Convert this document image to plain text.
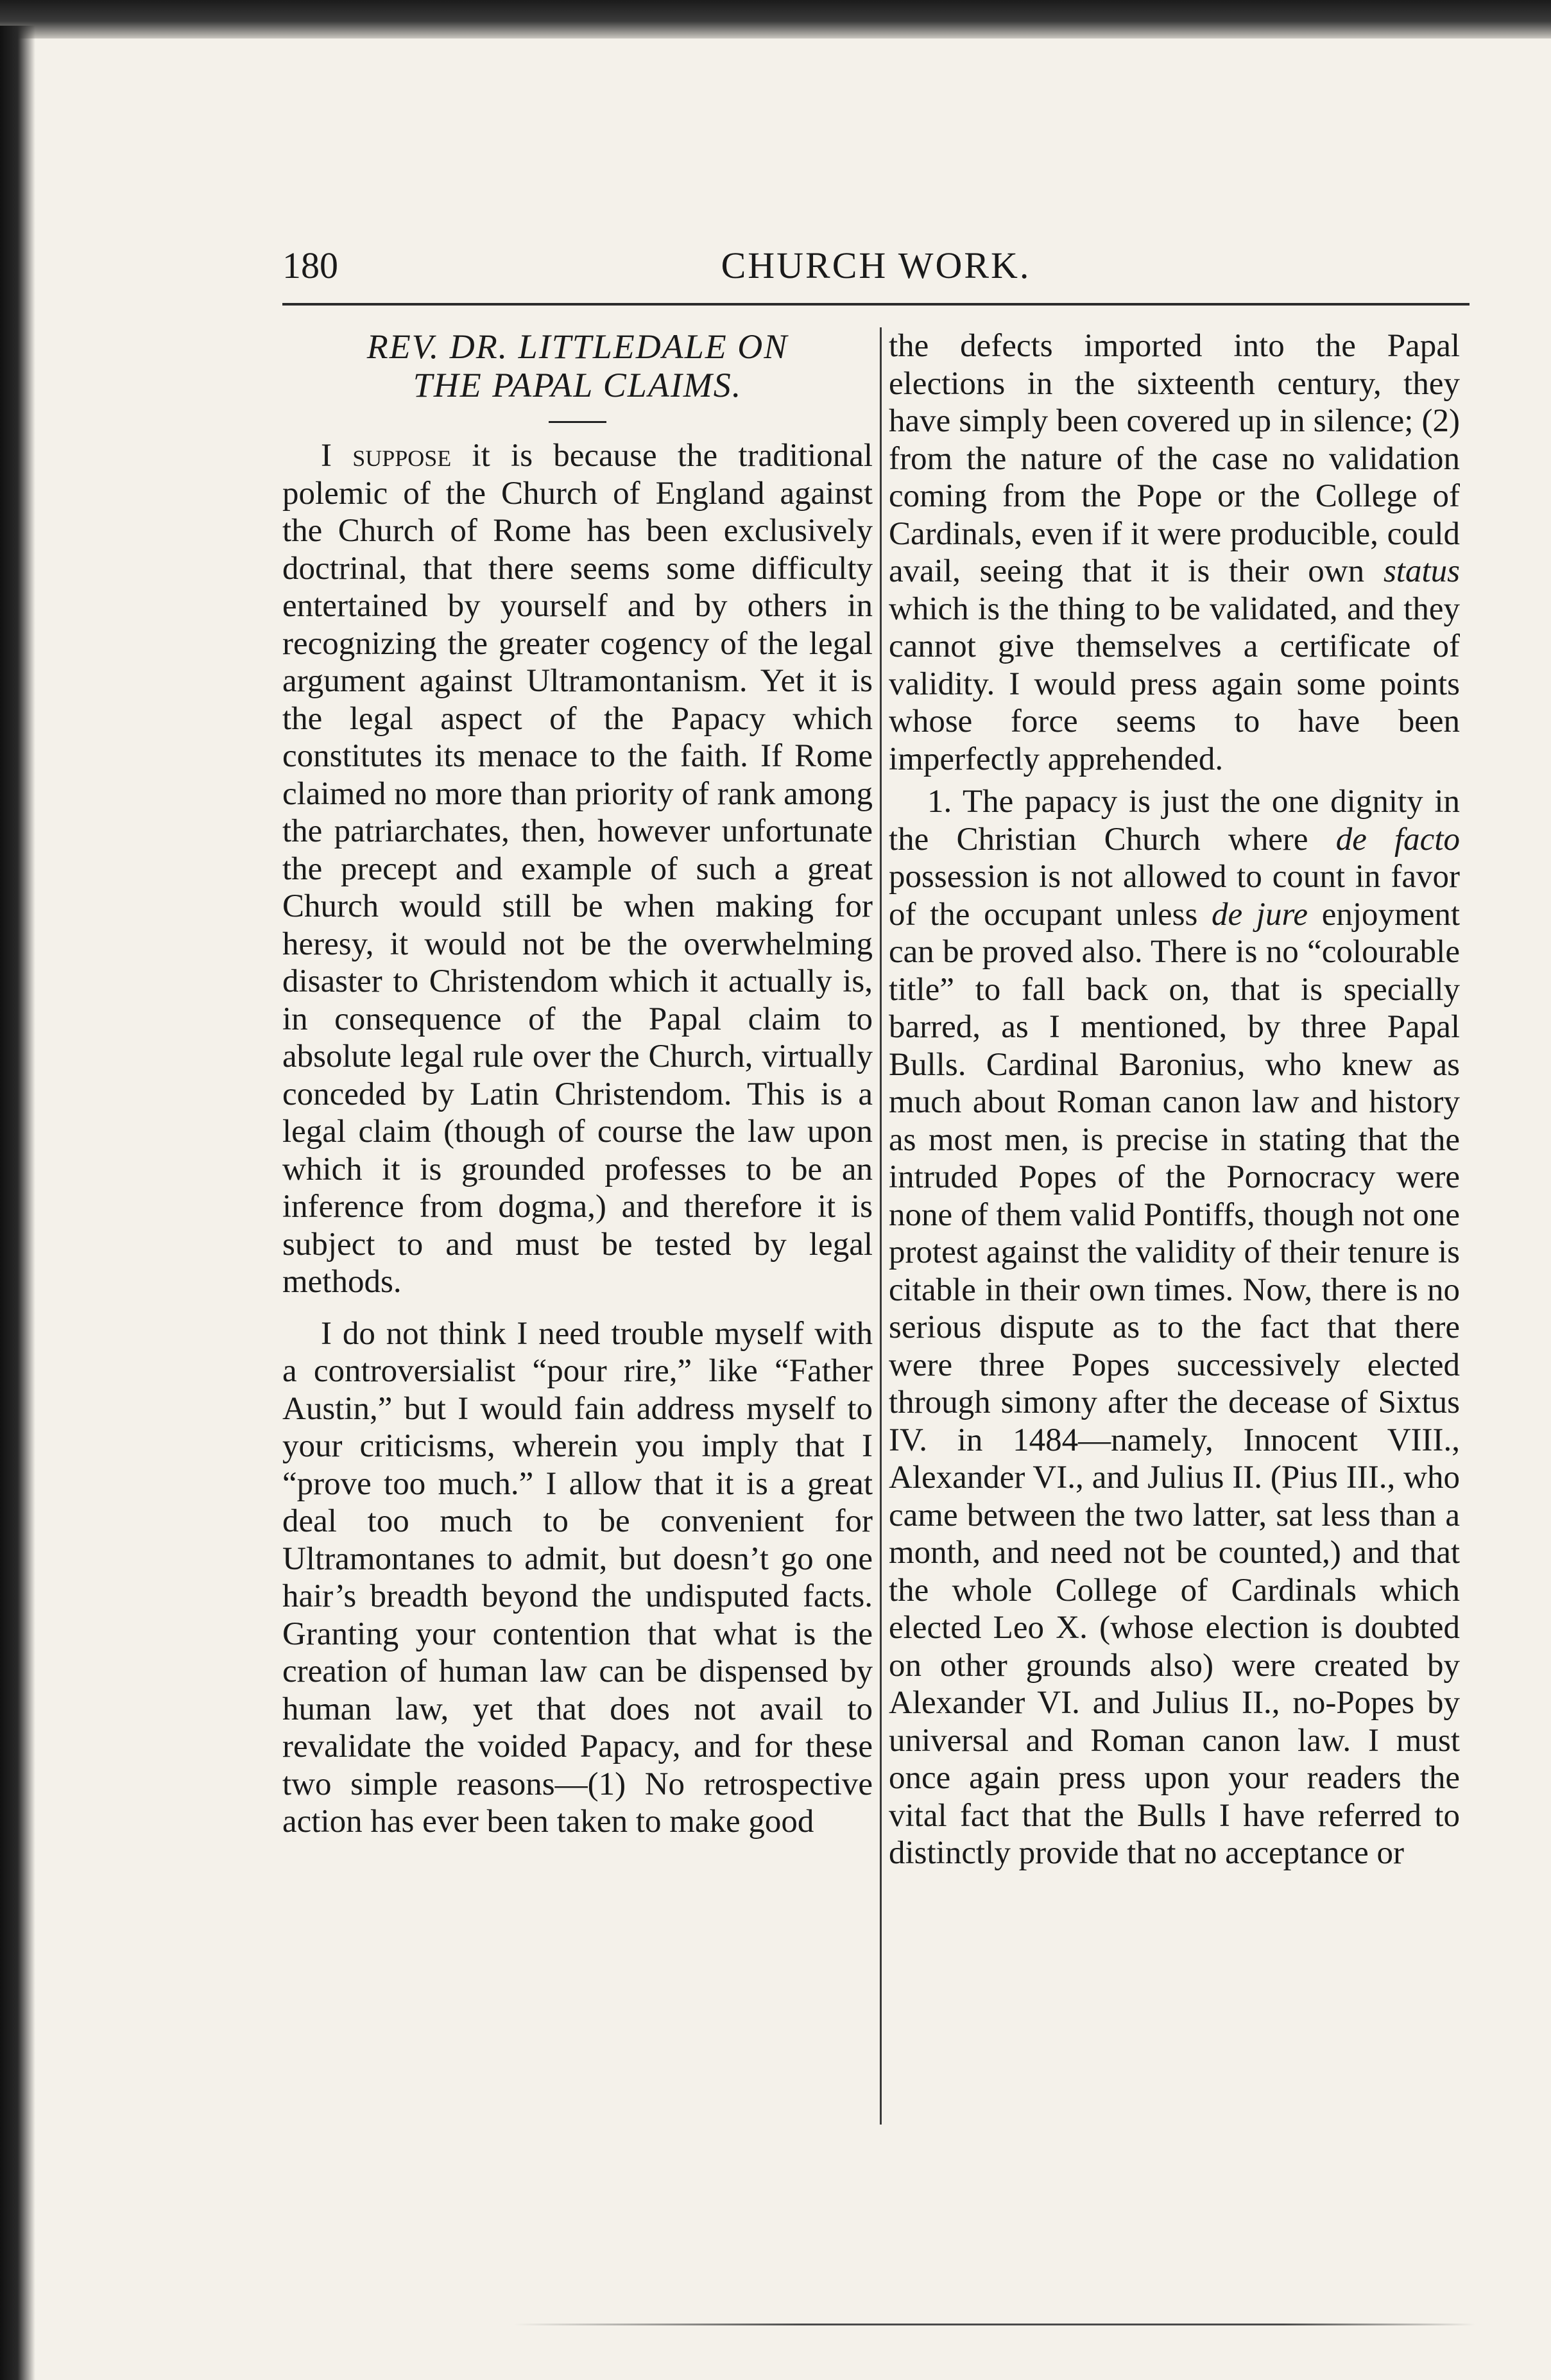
180	CHURCH WORK.
REV. DR. LITTLEDALE ON
THE PAPAL CLAIMS.

I suppose it is because the traditional polemic of the Church of England against the Church of Rome has been exclusively doctrinal, that there seems some difficulty entertained by yourself and by others in recognizing the greater cogency of the legal argument against Ultramontanism. Yet it is the legal aspect of the Papacy which constitutes its menace to the faith. If Rome claimed no more than priority of rank among the patriarchates, then, however unfortunate the precept and example of such a great Church would still be when making for heresy, it would not be the overwhelming disaster to Christendom which it actually is, in consequence of the Papal claim to absolute legal rule over the Church, virtually conceded by Latin Christendom. This is a legal claim (though of course the law upon which it is grounded professes to be an inference from dogma,) and therefore it is subject to and must be tested by legal methods.

I do not think I need trouble myself with a controversialist “pour rire,” like “Father Austin,” but I would fain address myself to your criticisms, wherein you imply that I “prove too much.” I allow that it is a great deal too much to be convenient for Ultramontanes to admit, but doesn’t go one hair’s breadth beyond the undisputed facts. Granting your contention that what is the creation of human law can be dispensed by human law, yet that does not avail to revalidate the voided Papacy, and for these two simple reasons—(1) No retrospective action has ever been taken to make good

the defects imported into the Papal elections in the sixteenth century, they have simply been covered up in silence; (2) from the nature of the case no validation coming from the Pope or the College of Cardinals, even if it were producible, could avail, seeing that it is their own status which is the thing to be validated, and they cannot give themselves a certificate of validity. I would press again some points whose force seems to have been imperfectly apprehended.

1. The papacy is just the one dignity in the Christian Church where de facto possession is not allowed to count in favor of the occupant unless de jure enjoyment can be proved also. There is no “colourable title” to fall back on, that is specially barred, as I mentioned, by three Papal Bulls. Cardinal Baronius, who knew as much about Roman canon law and history as most men, is precise in stating that the intruded Popes of the Pornocracy were none of them valid Pontiffs, though not one protest against the validity of their tenure is citable in their own times. Now, there is no serious dispute as to the fact that there were three Popes successively elected through simony after the decease of Sixtus IV. in 1484—namely, Innocent VIII., Alexander VI., and Julius II. (Pius III., who came between the two latter, sat less than a month, and need not be counted,) and that the whole College of Cardinals which elected Leo X. (whose election is doubted on other grounds also) were created by Alexander VI. and Julius II., no-Popes by universal and Roman canon law. I must once again press upon your readers the vital fact that the Bulls I have referred to distinctly provide that no acceptance or
